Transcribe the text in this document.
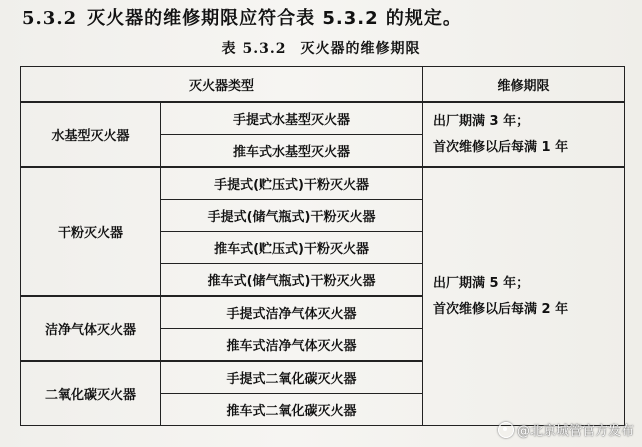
5.3.2 灭火器的维修期限应符合表 5.3.2 的规定。
表 5.3.2 灭火器的维修期限
灭火器类型		维修期限
水基型灭火器	手提式水基型灭火器	出厂期满 3 年；
首次维修以后每满 1 年

	推车式水基型灭火器	
干粉灭火器	手提式(贮压式)干粉灭火器	出厂期满 5 年；
首次维修以后每满 2 年

	手提式(储气瓶式)干粉灭火器	
	推车式(贮压式)干粉灭火器	
	推车式(储气瓶式)干粉灭火器	
洁净气体灭火器	手提式洁净气体灭火器	
	推车式洁净气体灭火器	
二氧化碳灭火器	手提式二氧化碳灭火器	
	推车式二氧化碳灭火器	
@北京城管官方发布
